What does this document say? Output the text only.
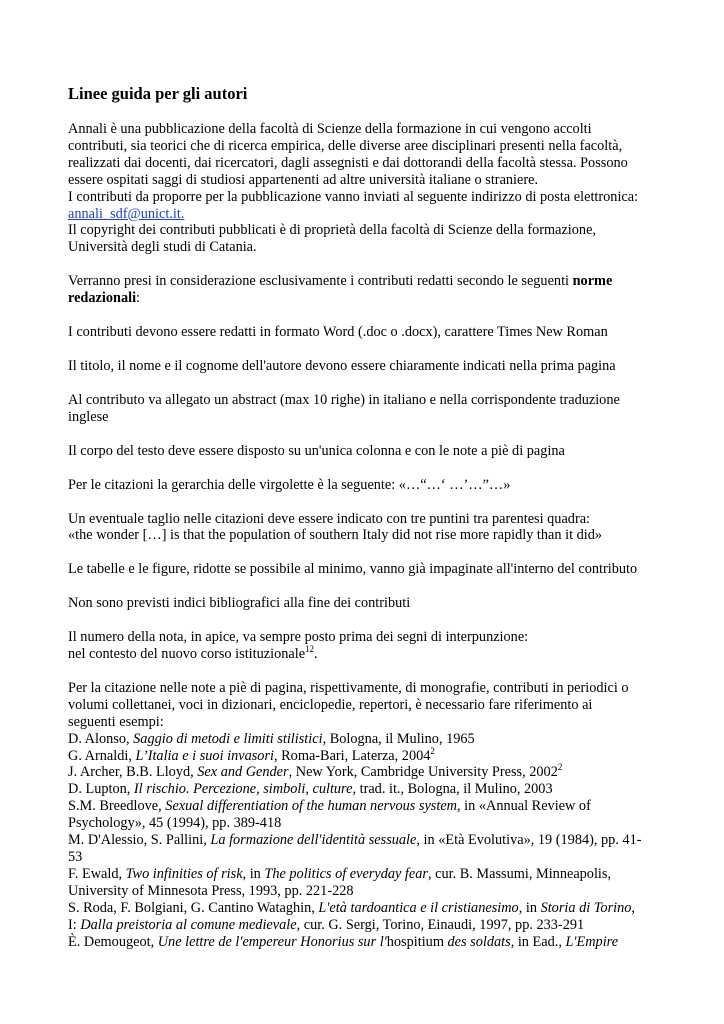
Linee guida per gli autori

Annali è una pubblicazione della facoltà di Scienze della formazione in cui vengono accolti
contributi, sia teorici che di ricerca empirica, delle diverse aree disciplinari presenti nella facoltà,
realizzati dai docenti, dai ricercatori, dagli assegnisti e dai dottorandi della facoltà stessa. Possono
essere ospitati saggi di studiosi appartenenti ad altre università italiane o straniere.
I contributi da proporre per la pubblicazione vanno inviati al seguente indirizzo di posta elettronica:
annali_sdf@unict.it.
Il copyright dei contributi pubblicati è di proprietà della facoltà di Scienze della formazione,
Università degli studi di Catania.

Verranno presi in considerazione esclusivamente i contributi redatti secondo le seguenti norme
redazionali:

I contributi devono essere redatti in formato Word (.doc o .docx), carattere Times New Roman

Il titolo, il nome e il cognome dell'autore devono essere chiaramente indicati nella prima pagina

Al contributo va allegato un abstract (max 10 righe) in italiano e nella corrispondente traduzione
inglese

Il corpo del testo deve essere disposto su un'unica colonna e con le note a piè di pagina

Per le citazioni la gerarchia delle virgolette è la seguente: «…“…‘ …’…”…»

Un eventuale taglio nelle citazioni deve essere indicato con tre puntini tra parentesi quadra:
«the wonder […] is that the population of southern Italy did not rise more rapidly than it did»

Le tabelle e le figure, ridotte se possibile al minimo, vanno già impaginate all'interno del contributo

Non sono previsti indici bibliografici alla fine dei contributi

Il numero della nota, in apice, va sempre posto prima dei segni di interpunzione:
nel contesto del nuovo corso istituzionale$^{12}$.

Per la citazione nelle note a piè di pagina, rispettivamente, di monografie, contributi in periodici o
volumi collettanei, voci in dizionari, enciclopedie, repertori, è necessario fare riferimento ai
seguenti esempi:
D. Alonso, Saggio di metodi e limiti stilistici, Bologna, il Mulino, 1965
G. Arnaldi, L’Italia e i suoi invasori, Roma-Bari, Laterza, 2004$^2$
J. Archer, B.B. Lloyd, Sex and Gender, New York, Cambridge University Press, 2002$^2$
D. Lupton, Il rischio. Percezione, simboli, culture, trad. it., Bologna, il Mulino, 2003
S.M. Breedlove, Sexual differentiation of the human nervous system, in «Annual Review of
Psychology», 45 (1994), pp. 389-418
M. D'Alessio, S. Pallini, La formazione dell'identità sessuale, in «Età Evolutiva», 19 (1984), pp. 41-
53
F. Ewald, Two infinities of risk, in The politics of everyday fear, cur. B. Massumi, Minneapolis,
University of Minnesota Press, 1993, pp. 221-228
S. Roda, F. Bolgiani, G. Cantino Wataghin, L'età tardoantica e il cristianesimo, in Storia di Torino,
I: Dalla preistoria al comune medievale, cur. G. Sergi, Torino, Einaudi, 1997, pp. 233-291
È. Demougeot, Une lettre de l'empereur Honorius sur l'hospitium des soldats, in Ead., L'Empire
